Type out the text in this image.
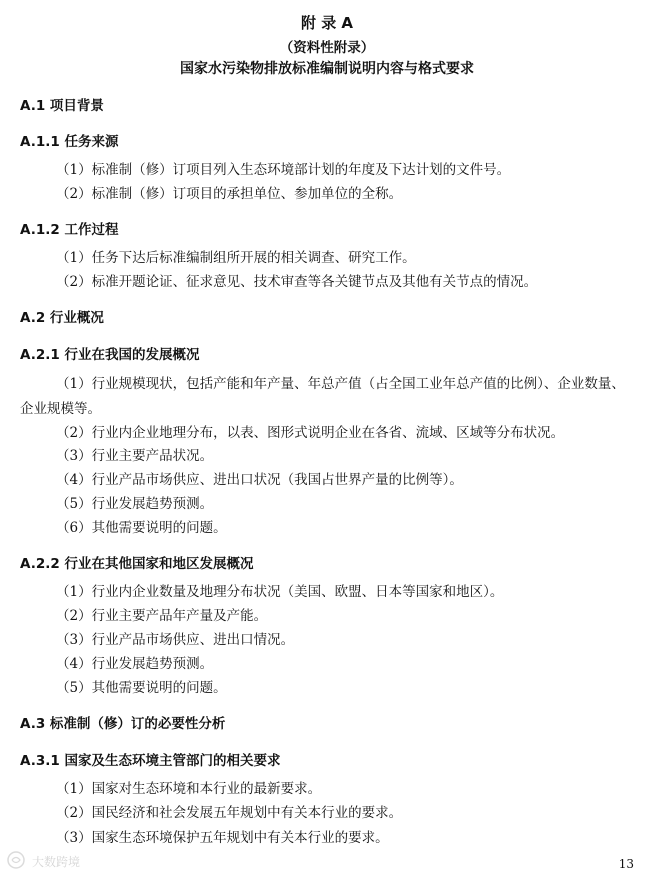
附 录 A
（资料性附录）
国家水污染物排放标准编制说明内容与格式要求
A.1 项目背景
A.1.1 任务来源
（1）标准制（修）订项目列入生态环境部计划的年度及下达计划的文件号。
（2）标准制（修）订项目的承担单位、参加单位的全称。
A.1.2 工作过程
（1）任务下达后标准编制组所开展的相关调查、研究工作。
（2）标准开题论证、征求意见、技术审查等各关键节点及其他有关节点的情况。
A.2 行业概况
A.2.1 行业在我国的发展概况
（1）行业规模现状，包括产能和年产量、年总产值（占全国工业年总产值的比例）、企业数量、
企业规模等。
（2）行业内企业地理分布，以表、图形式说明企业在各省、流域、区域等分布状况。
（3）行业主要产品状况。
（4）行业产品市场供应、进出口状况（我国占世界产量的比例等）。
（5）行业发展趋势预测。
（6）其他需要说明的问题。
A.2.2 行业在其他国家和地区发展概况
（1）行业内企业数量及地理分布状况（美国、欧盟、日本等国家和地区）。
（2）行业主要产品年产量及产能。
（3）行业产品市场供应、进出口情况。
（4）行业发展趋势预测。
（5）其他需要说明的问题。
A.3 标准制（修）订的必要性分析
A.3.1 国家及生态环境主管部门的相关要求
（1）国家对生态环境和本行业的最新要求。
（2）国民经济和社会发展五年规划中有关本行业的要求。
（3）国家生态环境保护五年规划中有关本行业的要求。
大数跨境	13
